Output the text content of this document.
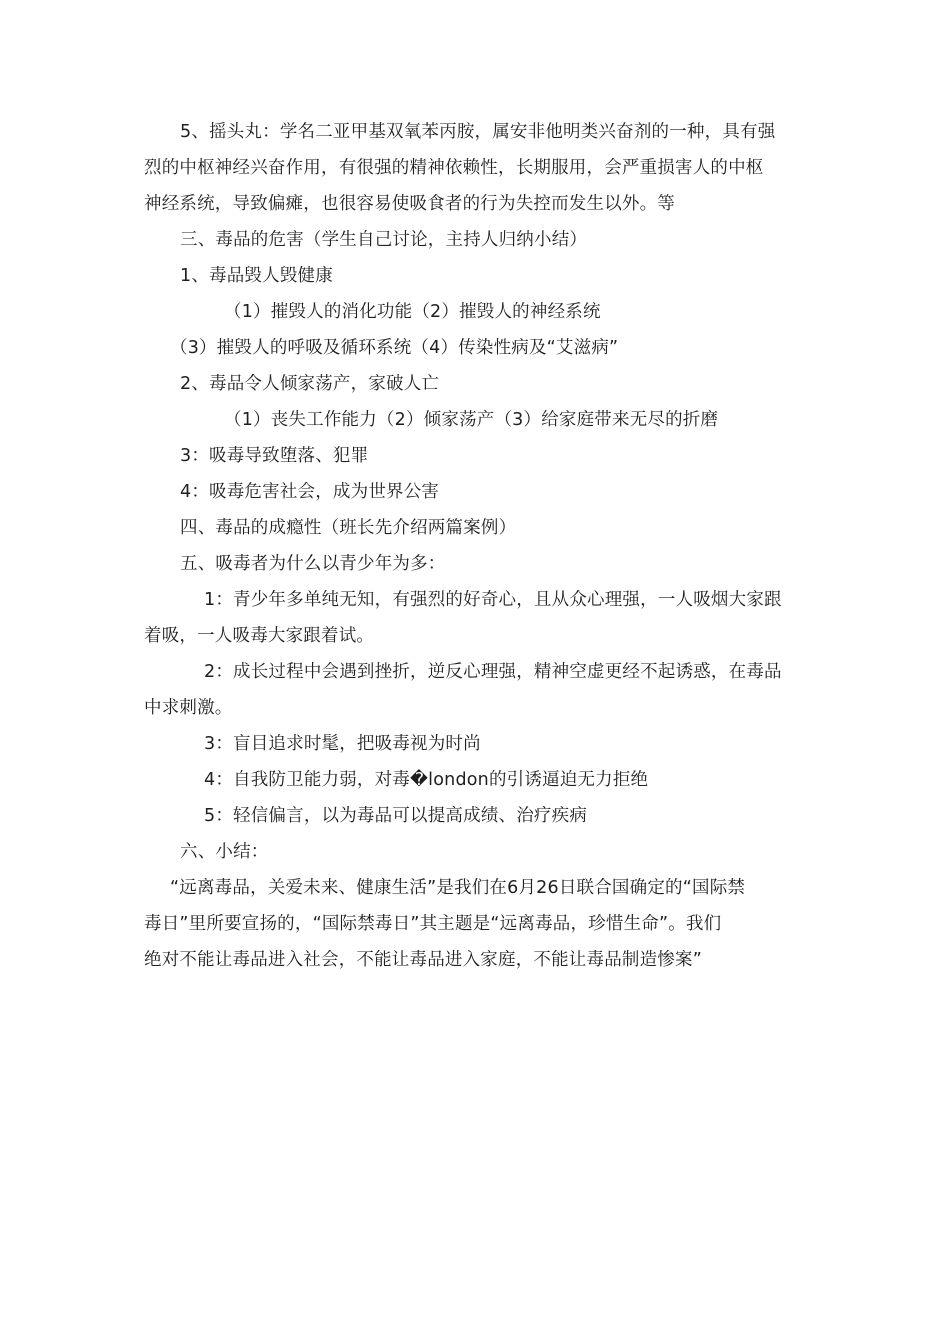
5、摇头丸：学名二亚甲基双氧苯丙胺，属安非他明类兴奋剂的一种，具有强
烈的中枢神经兴奋作用，有很强的精神依赖性，长期服用，会严重损害人的中枢
神经系统，导致偏瘫，也很容易使吸食者的行为失控而发生以外。等
三、毒品的危害（学生自己讨论，主持人归纳小结）
1、毒品毁人毁健康
（1）摧毁人的消化功能（2）摧毁人的神经系统
（3）摧毁人的呼吸及循环系统（4）传染性病及“艾滋病”
2、毒品令人倾家荡产，家破人亡
（1）丧失工作能力（2）倾家荡产（3）给家庭带来无尽的折磨
3：吸毒导致堕落、犯罪
4：吸毒危害社会，成为世界公害
四、毒品的成瘾性（班长先介绍两篇案例）
五、吸毒者为什么以青少年为多：
1：青少年多单纯无知，有强烈的好奇心，且从众心理强，一人吸烟大家跟
着吸，一人吸毒大家跟着试。
2：成长过程中会遇到挫折，逆反心理强，精神空虚更经不起诱惑，在毒品
中求刺激。
3：盲目追求时髦，把吸毒视为时尚
4：自我防卫能力弱，对毒�london的引诱逼迫无力拒绝
5：轻信偏言，以为毒品可以提高成绩、治疗疾病
六、小结：
“远离毒品，关爱未来、健康生活”是我们在6月26日联合国确定的“国际禁
毒日”里所要宣扬的，“国际禁毒日”其主题是“远离毒品，珍惜生命”。我们
绝对不能让毒品进入社会，不能让毒品进入家庭，不能让毒品制造惨案”
